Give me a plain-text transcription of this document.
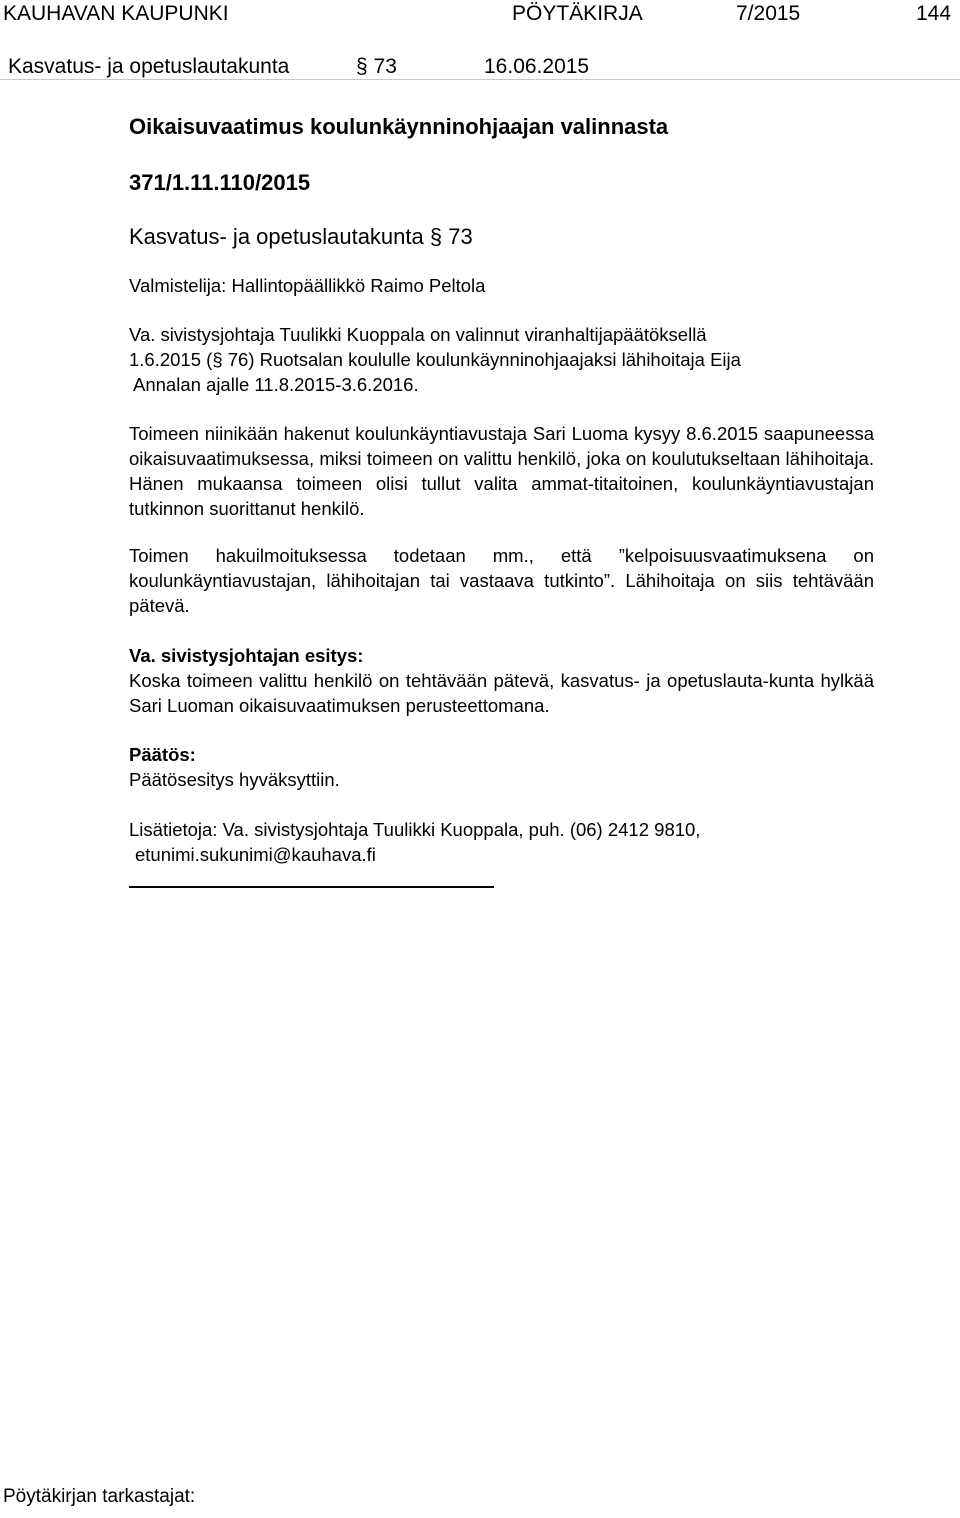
KAUHAVAN KAUPUNKI	PÖYTÄKIRJA	7/2015	144
Kasvatus- ja opetuslautakunta	§ 73	16.06.2015
Oikaisuvaatimus koulunkäynninohjaajan valinnasta
371/1.11.110/2015
Kasvatus- ja opetuslautakunta § 73
Valmistelija: Hallintopäällikkö Raimo Peltola
Va. sivistysjohtaja Tuulikki Kuoppala on valinnut viranhaltijapäätöksellä
1.6.2015 (§ 76) Ruotsalan koululle koulunkäynninohjaajaksi lähihoitaja Eija
Annalan ajalle 11.8.2015-3.6.2016.
Toimeen niinikään hakenut koulunkäyntiavustaja Sari Luoma kysyy 8.6.2015 saapuneessa oikaisuvaatimuksessa, miksi toimeen on valittu henkilö, joka on koulutukseltaan lähihoitaja. Hänen mukaansa toimeen olisi tullut valita ammat-titaitoinen, koulunkäyntiavustajan tutkinnon suorittanut henkilö.
Toimen hakuilmoituksessa todetaan mm., että ”kelpoisuusvaatimuksena on koulunkäyntiavustajan, lähihoitajan tai vastaava tutkinto”. Lähihoitaja on siis tehtävään pätevä.
Va. sivistysjohtajan esitys:
Koska toimeen valittu henkilö on tehtävään pätevä, kasvatus- ja opetuslauta-kunta hylkää Sari Luoman oikaisuvaatimuksen perusteettomana.
Päätös:
Päätösesitys hyväksyttiin.
Lisätietoja: Va. sivistysjohtaja Tuulikki Kuoppala, puh. (06) 2412 9810,
etunimi.sukunimi@kauhava.fi
Pöytäkirjan tarkastajat:
